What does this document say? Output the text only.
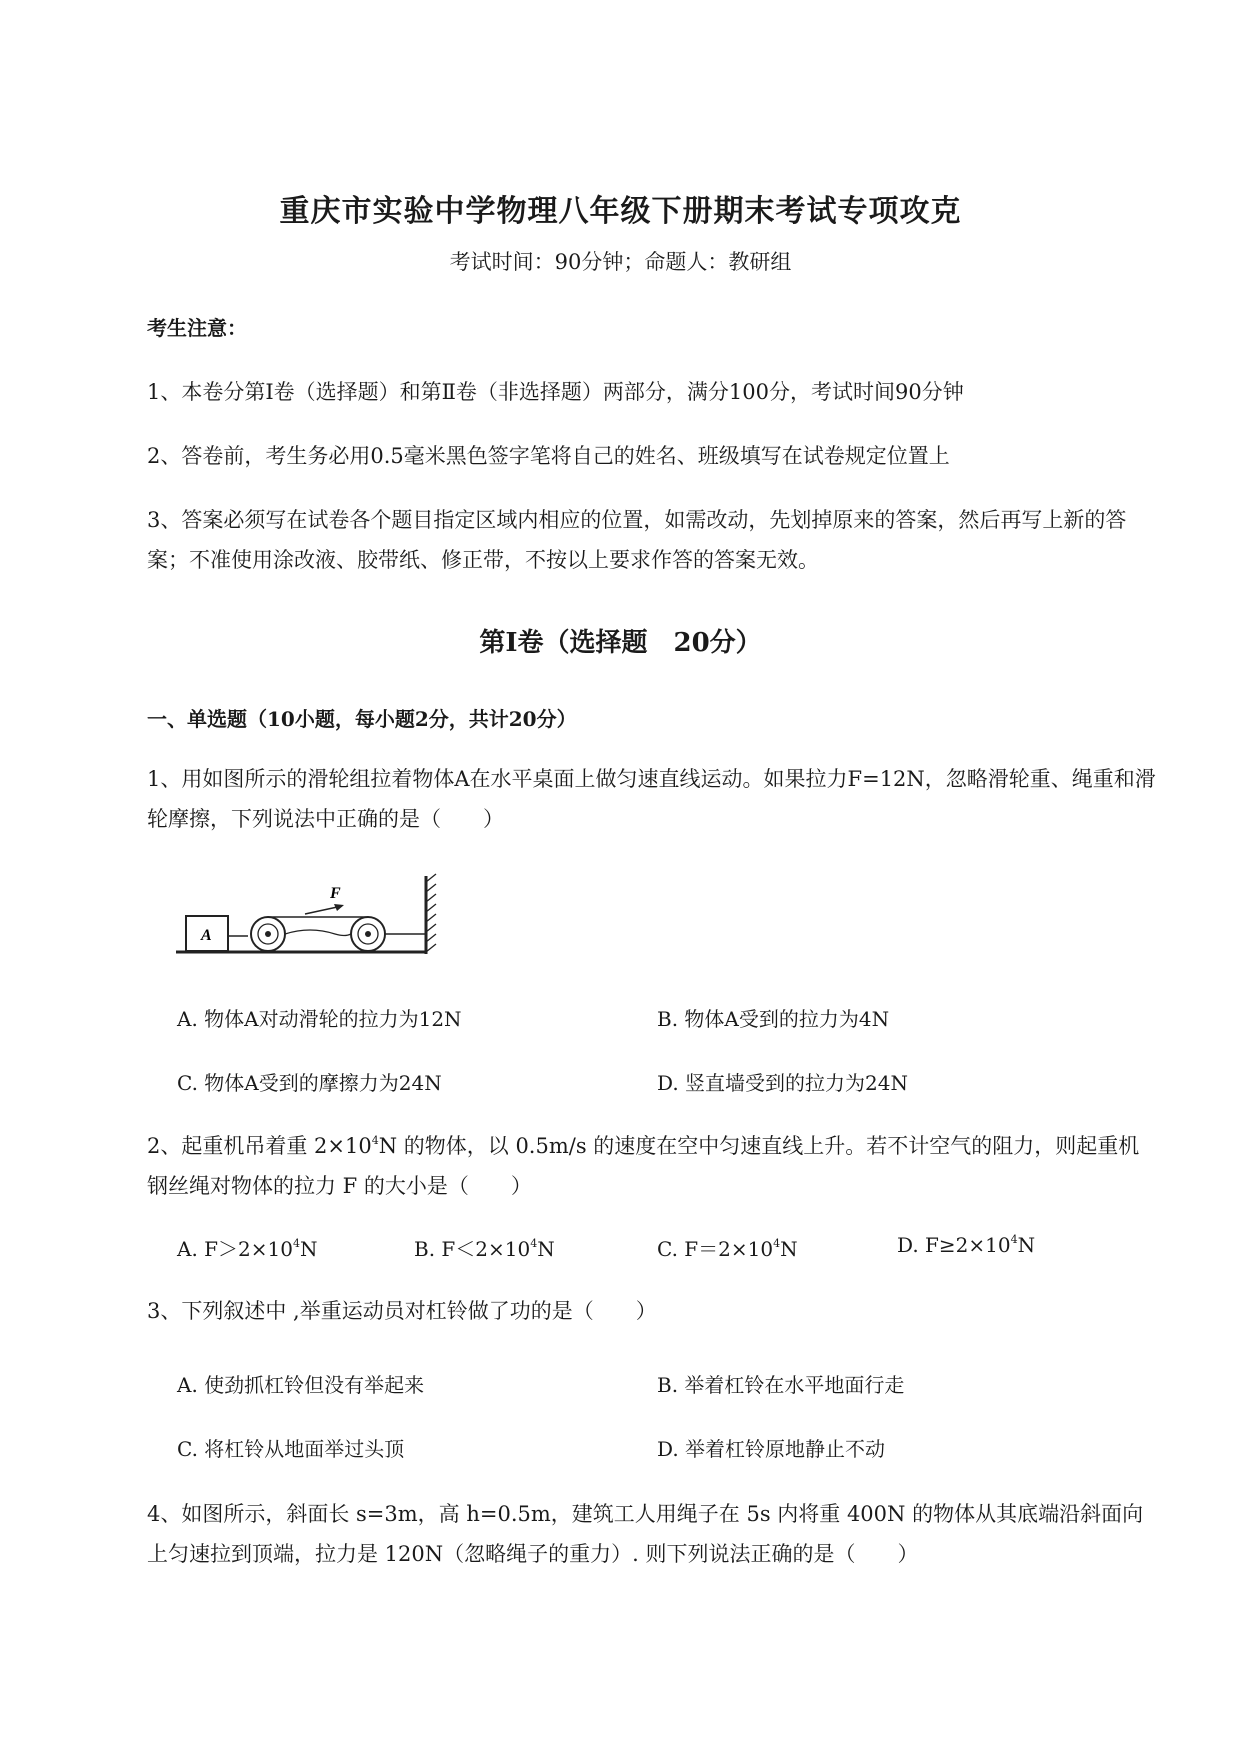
重庆市实验中学物理八年级下册期末考试专项攻克
考试时间：90分钟；命题人：教研组
考生注意：
1、本卷分第I卷（选择题）和第Ⅱ卷（非选择题）两部分，满分100分，考试时间90分钟
2、答卷前，考生务必用0.5毫米黑色签字笔将自己的姓名、班级填写在试卷规定位置上
3、答案必须写在试卷各个题目指定区域内相应的位置，如需改动，先划掉原来的答案，然后再写上新的答案；不准使用涂改液、胶带纸、修正带，不按以上要求作答的答案无效。
第I卷（选择题　20分）
一、单选题（10小题，每小题2分，共计20分）
1、用如图所示的滑轮组拉着物体A在水平桌面上做匀速直线运动。如果拉力F=12N，忽略滑轮重、绳重和滑轮摩擦，下列说法中正确的是（　　）
A
F
A. 物体A对动滑轮的拉力为12N	B. 物体A受到的拉力为4N
C. 物体A受到的摩擦力为24N	D. 竖直墙受到的拉力为24N
2、起重机吊着重 $2\times 10^4N$ 的物体，以 0.5m/s 的速度在空中匀速直线上升。若不计空气的阻力，则起重机钢丝绳对物体的拉力 F 的大小是（　　）
A. $F>2\times 10^4N$	B. $F<2\times 10^4N$	C. $F=2\times 10^4N$	D. $F\ge 2\times 10^4N$
3、下列叙述中 ,举重运动员对杠铃做了功的是（　　）
A. 使劲抓杠铃但没有举起来	B. 举着杠铃在水平地面行走
C. 将杠铃从地面举过头顶	D. 举着杠铃原地静止不动
4、如图所示，斜面长 s=3m，高 h=0.5m，建筑工人用绳子在 5s 内将重 400N 的物体从其底端沿斜面向上匀速拉到顶端，拉力是 120N（忽略绳子的重力）. 则下列说法正确的是（　　）
